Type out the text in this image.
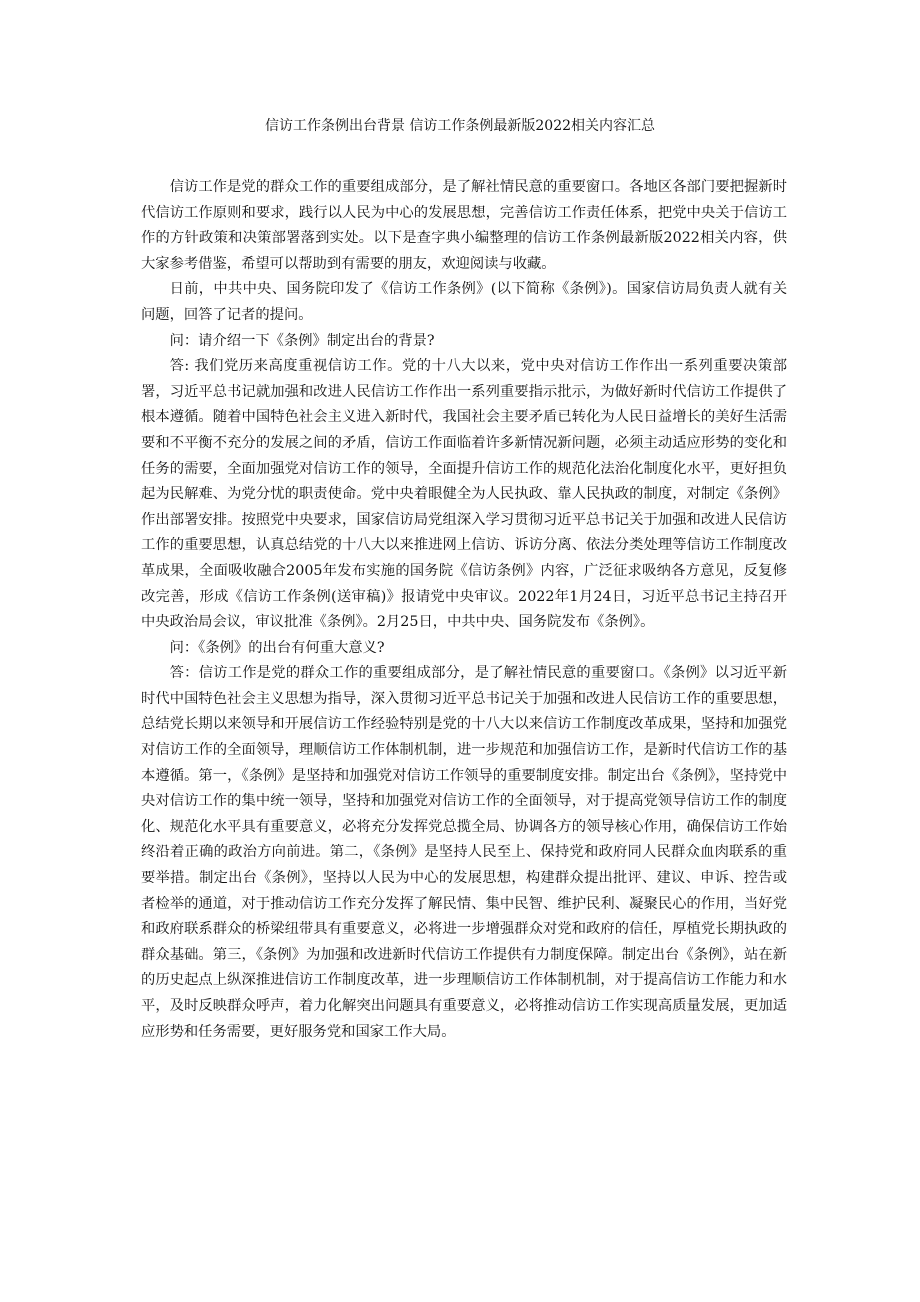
信访工作条例出台背景 信访工作条例最新版2022相关内容汇总

信访工作是党的群众工作的重要组成部分，是了解社情民意的重要窗口。各地区各部门要把握新时代信访工作原则和要求，践行以人民为中心的发展思想，完善信访工作责任体系，把党中央关于信访工作的方针政策和决策部署落到实处。以下是查字典小编整理的信访工作条例最新版2022相关内容，供大家参考借鉴，希望可以帮助到有需要的朋友，欢迎阅读与收藏。

日前，中共中央、国务院印发了《信访工作条例》(以下简称《条例》)。国家信访局负责人就有关问题，回答了记者的提问。

问：请介绍一下《条例》制定出台的背景?

答: 我们党历来高度重视信访工作。党的十八大以来，党中央对信访工作作出一系列重要决策部署，习近平总书记就加强和改进人民信访工作作出一系列重要指示批示，为做好新时代信访工作提供了根本遵循。随着中国特色社会主义进入新时代，我国社会主要矛盾已转化为人民日益增长的美好生活需要和不平衡不充分的发展之间的矛盾，信访工作面临着许多新情况新问题，必须主动适应形势的变化和任务的需要，全面加强党对信访工作的领导，全面提升信访工作的规范化法治化制度化水平，更好担负起为民解难、为党分忧的职责使命。党中央着眼健全为人民执政、靠人民执政的制度，对制定《条例》作出部署安排。按照党中央要求，国家信访局党组深入学习贯彻习近平总书记关于加强和改进人民信访工作的重要思想，认真总结党的十八大以来推进网上信访、诉访分离、依法分类处理等信访工作制度改革成果，全面吸收融合2005年发布实施的国务院《信访条例》内容，广泛征求吸纳各方意见，反复修改完善，形成《信访工作条例(送审稿)》报请党中央审议。2022年1月24日，习近平总书记主持召开中央政治局会议，审议批准《条例》。2月25日，中共中央、国务院发布《条例》。

问：《条例》的出台有何重大意义?

答：信访工作是党的群众工作的重要组成部分，是了解社情民意的重要窗口。《条例》以习近平新时代中国特色社会主义思想为指导，深入贯彻习近平总书记关于加强和改进人民信访工作的重要思想，总结党长期以来领导和开展信访工作经验特别是党的十八大以来信访工作制度改革成果，坚持和加强党对信访工作的全面领导，理顺信访工作体制机制，进一步规范和加强信访工作，是新时代信访工作的基本遵循。第一，《条例》是坚持和加强党对信访工作领导的重要制度安排。制定出台《条例》，坚持党中央对信访工作的集中统一领导，坚持和加强党对信访工作的全面领导，对于提高党领导信访工作的制度化、规范化水平具有重要意义，必将充分发挥党总揽全局、协调各方的领导核心作用，确保信访工作始终沿着正确的政治方向前进。第二，《条例》是坚持人民至上、保持党和政府同人民群众血肉联系的重要举措。制定出台《条例》，坚持以人民为中心的发展思想，构建群众提出批评、建议、申诉、控告或者检举的通道，对于推动信访工作充分发挥了解民情、集中民智、维护民利、凝聚民心的作用，当好党和政府联系群众的桥梁纽带具有重要意义，必将进一步增强群众对党和政府的信任，厚植党长期执政的群众基础。第三，《条例》为加强和改进新时代信访工作提供有力制度保障。制定出台《条例》，站在新的历史起点上纵深推进信访工作制度改革，进一步理顺信访工作体制机制，对于提高信访工作能力和水平，及时反映群众呼声，着力化解突出问题具有重要意义，必将推动信访工作实现高质量发展，更加适应形势和任务需要，更好服务党和国家工作大局。
